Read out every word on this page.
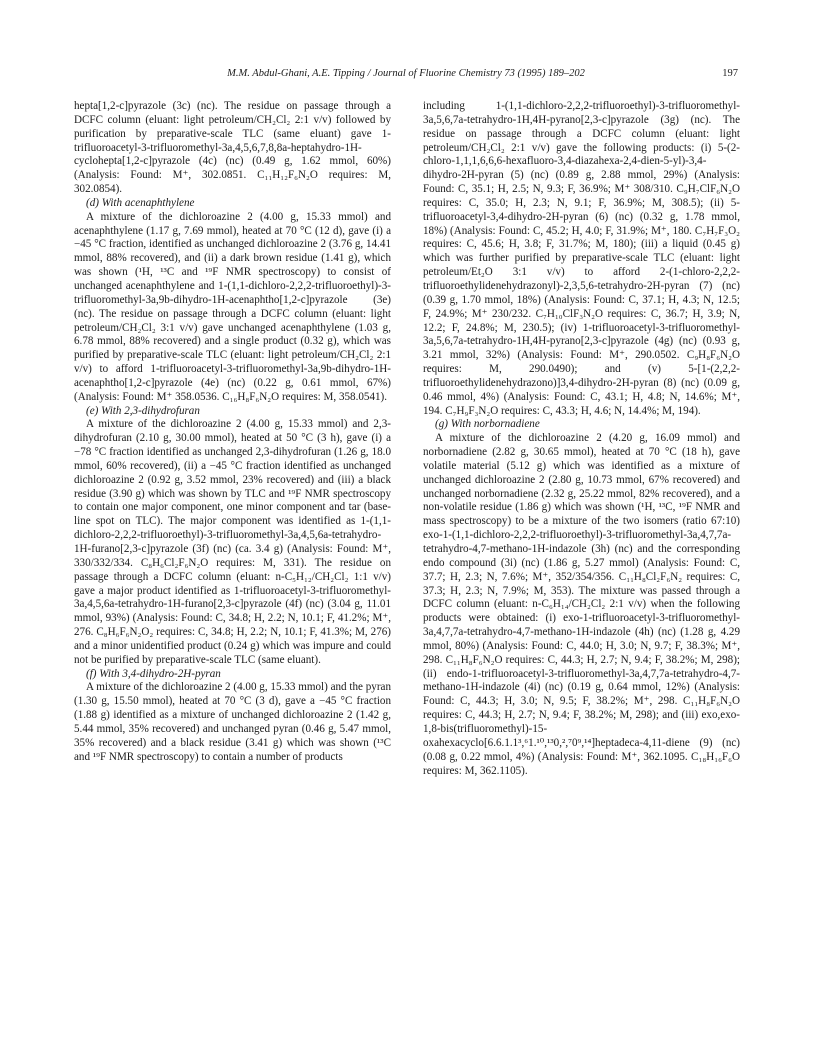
M.M. Abdul-Ghani, A.E. Tipping / Journal of Fluorine Chemistry 73 (1995) 189–202	197

hepta[1,2-c]pyrazole (3c) (nc). The residue on passage through a DCFC column (eluant: light petroleum/CH₂Cl₂ 2:1 v/v) followed by purification by preparative-scale TLC (same eluant) gave 1-trifluoroacetyl-3-trifluoromethyl-3a,4,5,6,7,8,8a-heptahydro-1H-cyclohepta[1,2-c]pyrazole (4c) (nc) (0.49 g, 1.62 mmol, 60%) (Analysis: Found: M⁺, 302.0851. C₁₁H₁₂F₆N₂O requires: M, 302.0854).

(d) With acenaphthylene

A mixture of the dichloroazine 2 (4.00 g, 15.33 mmol) and acenaphthylene (1.17 g, 7.69 mmol), heated at 70 °C (12 d), gave (i) a −45 °C fraction, identified as unchanged dichloroazine 2 (3.76 g, 14.41 mmol, 88% recovered), and (ii) a dark brown residue (1.41 g), which was shown (¹H, ¹³C and ¹⁹F NMR spectroscopy) to consist of unchanged acenaphthylene and 1-(1,1-dichloro-2,2,2-trifluoroethyl)-3-trifluoromethyl-3a,9b-dihydro-1H-acenaphtho[1,2-c]pyrazole (3e) (nc). The residue on passage through a DCFC column (eluant: light petroleum/CH₂Cl₂ 3:1 v/v) gave unchanged acenaphthylene (1.03 g, 6.78 mmol, 88% recovered) and a single product (0.32 g), which was purified by preparative-scale TLC (eluant: light petroleum/CH₂Cl₂ 2:1 v/v) to afford 1-trifluoroacetyl-3-trifluoromethyl-3a,9b-dihydro-1H-acenaphtho[1,2-c]pyrazole (4e) (nc) (0.22 g, 0.61 mmol, 67%) (Analysis: Found: M⁺ 358.0536. C₁₆H₈F₆N₂O requires: M, 358.0541).

(e) With 2,3-dihydrofuran

A mixture of the dichloroazine 2 (4.00 g, 15.33 mmol) and 2,3-dihydrofuran (2.10 g, 30.00 mmol), heated at 50 °C (3 h), gave (i) a −78 °C fraction identified as unchanged 2,3-dihydrofuran (1.26 g, 18.0 mmol, 60% recovered), (ii) a −45 °C fraction identified as unchanged dichloroazine 2 (0.92 g, 3.52 mmol, 23% recovered) and (iii) a black residue (3.90 g) which was shown by TLC and ¹⁹F NMR spectroscopy to contain one major component, one minor component and tar (base-line spot on TLC). The major component was identified as 1-(1,1-dichloro-2,2,2-trifluoroethyl)-3-trifluoromethyl-3a,4,5,6a-tetrahydro-1H-furano[2,3-c]pyrazole (3f) (nc) (ca. 3.4 g) (Analysis: Found: M⁺, 330/332/334. C₈H₆Cl₂F₆N₂O requires: M, 331). The residue on passage through a DCFC column (eluant: n-C₅H₁₂/CH₂Cl₂ 1:1 v/v) gave a major product identified as 1-trifluoroacetyl-3-trifluoromethyl-3a,4,5,6a-tetrahydro-1H-furano[2,3-c]pyrazole (4f) (nc) (3.04 g, 11.01 mmol, 93%) (Analysis: Found: C, 34.8; H, 2.2; N, 10.1; F, 41.2%; M⁺, 276. C₈H₆F₆N₂O₂ requires: C, 34.8; H, 2.2; N, 10.1; F, 41.3%; M, 276) and a minor unidentified product (0.24 g) which was impure and could not be purified by preparative-scale TLC (same eluant).

(f) With 3,4-dihydro-2H-pyran

A mixture of the dichloroazine 2 (4.00 g, 15.33 mmol) and the pyran (1.30 g, 15.50 mmol), heated at 70 °C (3 d), gave a −45 °C fraction (1.88 g) identified as a mixture of unchanged dichloroazine 2 (1.42 g, 5.44 mmol, 35% recovered) and unchanged pyran (0.46 g, 5.47 mmol, 35% recovered) and a black residue (3.41 g) which was shown (¹³C and ¹⁹F NMR spectroscopy) to contain a number of products

including 1-(1,1-dichloro-2,2,2-trifluoroethyl)-3-trifluoromethyl-3a,5,6,7a-tetrahydro-1H,4H-pyrano[2,3-c]pyrazole (3g) (nc). The residue on passage through a DCFC column (eluant: light petroleum/CH₂Cl₂ 2:1 v/v) gave the following products: (i) 5-(2-chloro-1,1,1,6,6,6-hexafluoro-3,4-diazahexa-2,4-dien-5-yl)-3,4-dihydro-2H-pyran (5) (nc) (0.89 g, 2.88 mmol, 29%) (Analysis: Found: C, 35.1; H, 2.5; N, 9.3; F, 36.9%; M⁺ 308/310. C₉H₇ClF₆N₂O requires: C, 35.0; H, 2.3; N, 9.1; F, 36.9%; M, 308.5); (ii) 5-trifluoroacetyl-3,4-dihydro-2H-pyran (6) (nc) (0.32 g, 1.78 mmol, 18%) (Analysis: Found: C, 45.2; H, 4.0; F, 31.9%; M⁺, 180. C₇H₇F₃O₂ requires: C, 45.6; H, 3.8; F, 31.7%; M, 180); (iii) a liquid (0.45 g) which was further purified by preparative-scale TLC (eluant: light petroleum/Et₂O 3:1 v/v) to afford 2-(1-chloro-2,2,2-trifluoroethylidenehydrazonyl)-2,3,5,6-tetrahydro-2H-pyran (7) (nc) (0.39 g, 1.70 mmol, 18%) (Analysis: Found: C, 37.1; H, 4.3; N, 12.5; F, 24.9%; M⁺ 230/232. C₇H₁₀ClF₃N₂O requires: C, 36.7; H, 3.9; N, 12.2; F, 24.8%; M, 230.5); (iv) 1-trifluoroacetyl-3-trifluoromethyl-3a,5,6,7a-tetrahydro-1H,4H-pyrano[2,3-c]pyrazole (4g) (nc) (0.93 g, 3.21 mmol, 32%) (Analysis: Found: M⁺, 290.0502. C₉H₈F₆N₂O requires: M, 290.0490); and (v) 5-[1-(2,2,2-trifluoroethylidenehydrazono)]3,4-dihydro-2H-pyran (8) (nc) (0.09 g, 0.46 mmol, 4%) (Analysis: Found: C, 43.1; H, 4.8; N, 14.6%; M⁺, 194. C₇H₉F₃N₂O requires: C, 43.3; H, 4.6; N, 14.4%; M, 194).

(g) With norbornadiene

A mixture of the dichloroazine 2 (4.20 g, 16.09 mmol) and norbornadiene (2.82 g, 30.65 mmol), heated at 70 °C (18 h), gave volatile material (5.12 g) which was identified as a mixture of unchanged dichloroazine 2 (2.80 g, 10.73 mmol, 67% recovered) and unchanged norbornadiene (2.32 g, 25.22 mmol, 82% recovered), and a non-volatile residue (1.86 g) which was shown (¹H, ¹³C, ¹⁹F NMR and mass spectroscopy) to be a mixture of the two isomers (ratio 67:10) exo-1-(1,1-dichloro-2,2,2-trifluoroethyl)-3-trifluoromethyl-3a,4,7,7a-tetrahydro-4,7-methano-1H-indazole (3h) (nc) and the corresponding endo compound (3i) (nc) (1.86 g, 5.27 mmol) (Analysis: Found: C, 37.7; H, 2.3; N, 7.6%; M⁺, 352/354/356. C₁₁H₈Cl₂F₆N₂ requires: C, 37.3; H, 2.3; N, 7.9%; M, 353). The mixture was passed through a DCFC column (eluant: n-C₆H₁₄/CH₂Cl₂ 2:1 v/v) when the following products were obtained: (i) exo-1-trifluoroacetyl-3-trifluoromethyl-3a,4,7,7a-tetrahydro-4,7-methano-1H-indazole (4h) (nc) (1.28 g, 4.29 mmol, 80%) (Analysis: Found: C, 44.0; H, 3.0; N, 9.7; F, 38.3%; M⁺, 298. C₁₁H₈F₆N₂O requires: C, 44.3; H, 2.7; N, 9.4; F, 38.2%; M, 298); (ii) endo-1-trifluoroacetyl-3-trifluoromethyl-3a,4,7,7a-tetrahydro-4,7-methano-1H-indazole (4i) (nc) (0.19 g, 0.64 mmol, 12%) (Analysis: Found: C, 44.3; H, 3.0; N, 9.5; F, 38.2%; M⁺, 298. C₁₁H₈F₆N₂O requires: C, 44.3; H, 2.7; N, 9.4; F, 38.2%; M, 298); and (iii) exo,exo-1,8-bis(trifluoromethyl)-15-oxahexacyclo[6.6.1.1³,⁶1.¹⁰,¹³0,²,⁷0⁹,¹⁴]heptadeca-4,11-diene (9) (nc) (0.08 g, 0.22 mmol, 4%) (Analysis: Found: M⁺, 362.1095. C₁₈H₁₆F₆O requires: M, 362.1105).
